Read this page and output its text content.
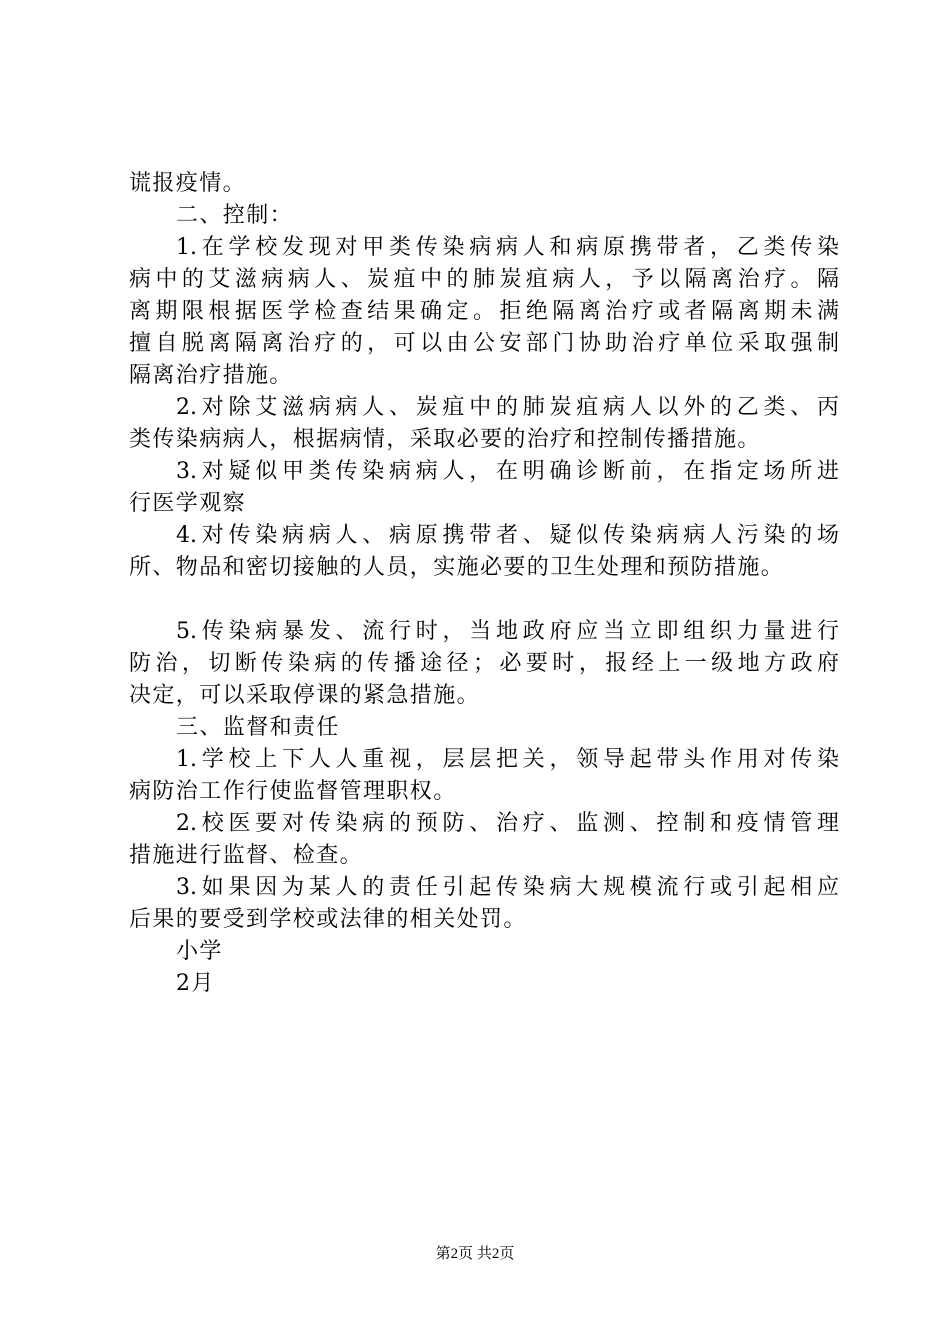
谎报疫情。
二、控制：
1.在学校发现对甲类传染病病人和病原携带者，乙类传染
病中的艾滋病病人、炭疽中的肺炭疽病人，予以隔离治疗。隔
离期限根据医学检查结果确定。拒绝隔离治疗或者隔离期未满
擅自脱离隔离治疗的，可以由公安部门协助治疗单位采取强制
隔离治疗措施。
2.对除艾滋病病人、炭疽中的肺炭疽病人以外的乙类、丙
类传染病病人，根据病情，采取必要的治疗和控制传播措施。
3.对疑似甲类传染病病人，在明确诊断前，在指定场所进
行医学观察
4.对传染病病人、病原携带者、疑似传染病病人污染的场
所、物品和密切接触的人员，实施必要的卫生处理和预防措施。
5.传染病暴发、流行时，当地政府应当立即组织力量进行
防治，切断传染病的传播途径；必要时，报经上一级地方政府
决定，可以采取停课的紧急措施。
三、监督和责任
1.学校上下人人重视，层层把关，领导起带头作用对传染
病防治工作行使监督管理职权。
2.校医要对传染病的预防、治疗、监测、控制和疫情管理
措施进行监督、检查。
3.如果因为某人的责任引起传染病大规模流行或引起相应
后果的要受到学校或法律的相关处罚。
小学
2月
第2页 共2页
